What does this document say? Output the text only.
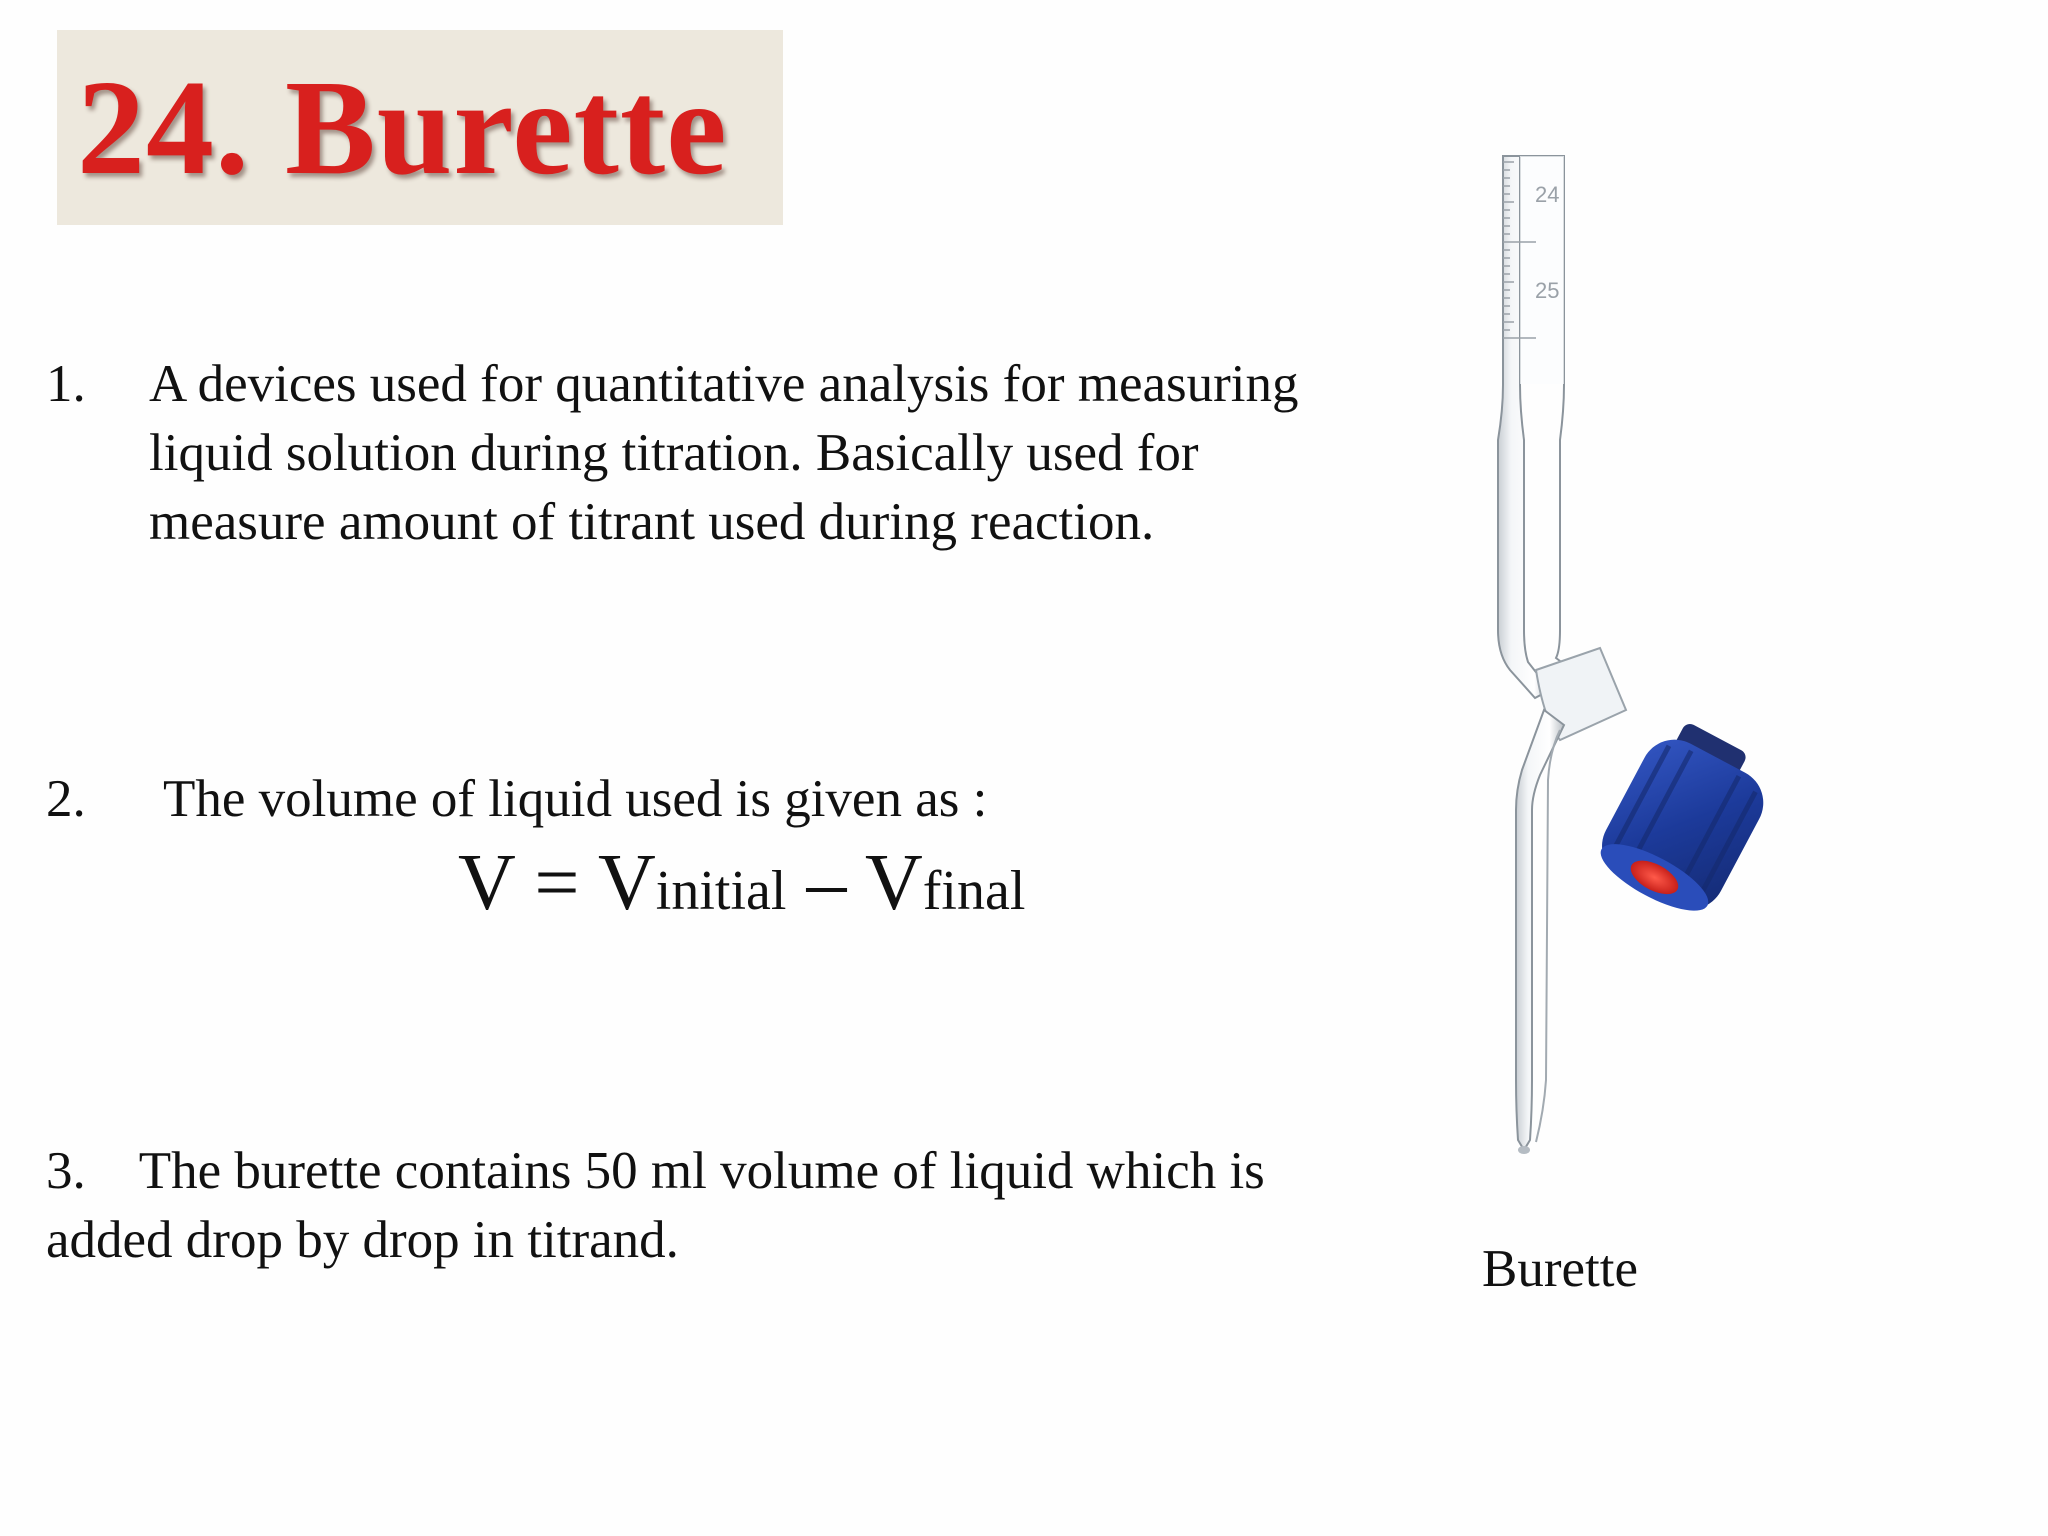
24. Burette
1. A devices used for quantitative analysis for measuring liquid solution during titration. Basically used for measure amount of titrant used during reaction.
2. The volume of liquid used is given as :
V = Vinitial – Vfinal
3. The burette contains 50 ml volume of liquid which is added drop by drop in titrand.
24
25
Burette
